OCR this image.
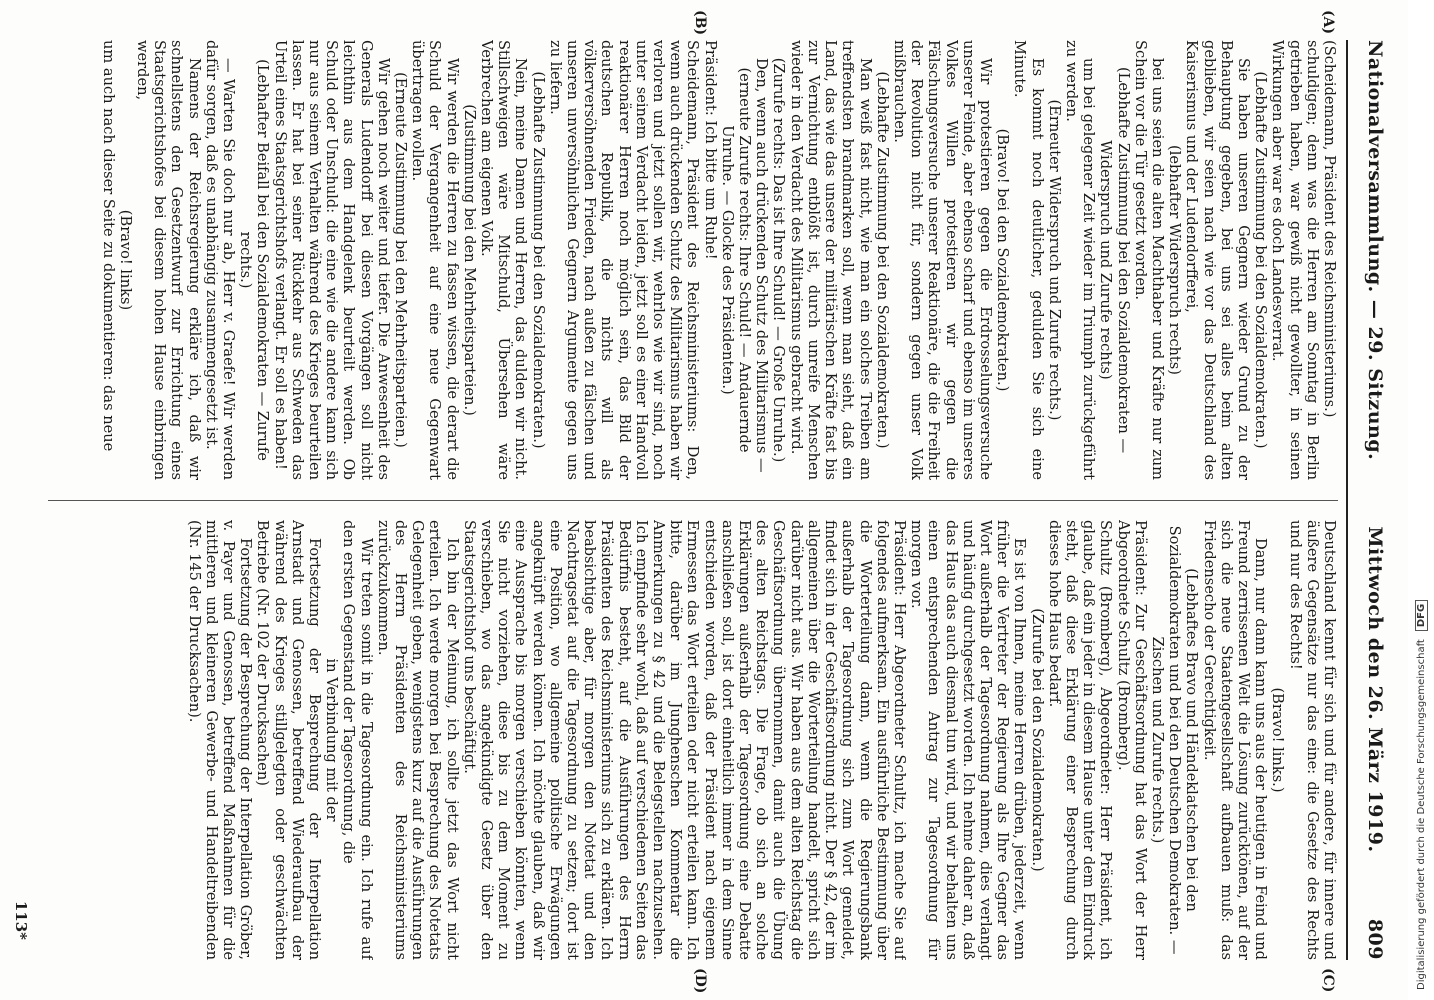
Nationalversammlung. — 29. Sitzung.
Mittwoch den 26. März 1919.
809
(A)
(B)
(C)
(D)

(Scheidemann, Präsident des Reichsministeriums.)

schuldigen; denn was die Herren am Sonntag in Berlin getrieben haben, war gewiß nicht gewollter, in seinen Wirkungen aber war es doch Landesverrat.

(Lebhafte Zustimmung bei den Sozialdemokraten.)

Sie haben unseren Gegnern wieder Grund zu der Behauptung gegeben, bei uns sei alles beim alten geblieben, wir seien nach wie vor das Deutschland des Kaiserismus und der Ludendorfferei,

(lebhafter Widerspruch rechts)

bei uns seien die alten Machthaber und Kräfte nur zum Schein vor die Tür gesetzt worden.

(Lebhafte Zustimmung bei den Sozialdemokraten — Widerspruch und Zurufe rechts)

um bei gelegener Zeit wieder im Triumph zurückgeführt zu werden.

(Erneuter Widerspruch und Zurufe rechts.)

Es kommt noch deutlicher, gedulden Sie sich eine Minute.

(Bravo! bei den Sozialdemokraten.)

Wir protestieren gegen die Erdrosselungsversuche unserer Feinde, aber ebenso scharf und ebenso im unseres Volkes Willen protestieren wir gegen die Fälschungsversuche unserer Reaktionäre, die die Freiheit der Revolution nicht für, sondern gegen unser Volk mißbrauchen.

(Lebhafte Zustimmung bei den Sozialdemokraten.)

Man weiß fast nicht, wie man ein solches Treiben am treffendsten brandmarken soll, wenn man sieht, daß ein Land, das wie das unsere der militärischen Kräfte fast bis zur Vernichtung entblößt ist, durch unreife Menschen wieder in den Verdacht des Militarismus gebracht wird.

(Zurufe rechts: Das ist Ihre Schuld! — Große Unruhe.)

Den, wenn auch drückenden Schutz des Militarismus —

(erneute Zurufe rechts: Ihre Schuld! — Andauernde Unruhe. — Glocke des Präsidenten.)

Präsident: Ich bitte um Ruhe!

Scheidemann, Präsident des Reichsministeriums: Den, wenn auch drückenden Schutz des Militarismus haben wir verloren und jetzt sollen wir, wehrlos wie wir sind, noch unter seinem Verdacht leiden, jetzt soll es einer Handvoll reaktionärer Herren noch möglich sein, das Bild der deutschen Republik, die nichts will als völkerversöhnenden Frieden, nach außen zu fälschen und unseren unversöhnlichen Gegnern Argumente gegen uns zu liefern.

(Lebhafte Zustimmung bei den Sozialdemokraten.)

Nein, meine Damen und Herren, das dulden wir nicht. Stillschweigen wäre Mitschuld, Übersehen wäre Verbrechen am eigenen Volk.

(Zustimmung bei den Mehrheitsparteien.)

Wir werden die Herren zu fassen wissen, die derart die Schuld der Vergangenheit auf eine neue Gegenwart übertragen wollen.

(Erneute Zustimmung bei den Mehrheitsparteien.)

Wir gehen noch weiter und tiefer. Die Anwesenheit des Generals Ludendorff bei diesen Vorgängen soll nicht leichthin aus dem Handgelenk beurteilt werden. Ob Schuld oder Unschuld: die eine wie die andere kann sich nur aus seinem Verhalten während des Krieges beurteilen lassen. Er hat bei seiner Rückkehr aus Schweden das Urteil eines Staatsgerichtshofs verlangt. Er soll es haben!

(Lebhafter Beifall bei den Sozialdemokraten — Zurufe rechts.)

— Warten Sie doch nur ab, Herr v. Graefe! Wir werden dafür sorgen, daß es unabhängig zusammengesetzt ist.

Namens der Reichsregierung erkläre ich, daß wir schnellstens den Gesetzentwurf zur Errichtung eines Staatsgerichtshofes bei diesem hohen Hause einbringen werden,

(Bravo! links)

um auch nach dieser Seite zu dokumentieren: das neue

Deutschland kennt für sich und für andere, für innere und äußere Gegensätze nur das eine: die Gesetze des Rechts und nur des Rechts!

(Bravo! links.)

Dann, nur dann kann uns aus der heutigen in Feind und Freund zerrissenen Welt die Lösung zurücktönen, auf der sich die neue Staatengesellschaft aufbauen muß: das Friedensecho der Gerechtigkeit.

(Lebhaftes Bravo und Händeklatschen bei den Sozialdemokraten und bei den Deutschen Demokraten. — Zischen und Zurufe rechts.)

Präsident: Zur Geschäftsordnung hat das Wort der Herr Abgeordnete Schultz (Bromberg).

Schultz (Bromberg), Abgeordneter: Herr Präsident, ich glaube, daß ein jeder in diesem Hause unter dem Eindruck steht, daß diese Erklärung einer Besprechung durch dieses hohe Haus bedarf.

(Zurufe bei den Sozialdemokraten.)

Es ist von Ihnen, meine Herren drüben, jederzeit, wenn früher die Vertreter der Regierung als Ihre Gegner das Wort außerhalb der Tagesordnung nahmen, dies verlangt und häufig durchgesetzt worden. Ich nehme daher an, daß das Haus das auch diesmal tun wird, und wir behalten uns einen entsprechenden Antrag zur Tagesordnung für morgen vor.

Präsident: Herr Abgeordneter Schultz, ich mache Sie auf folgendes aufmerksam. Ein ausführliche Bestimmung über die Worterteilung dann, wenn die Regierungsbank außerhalb der Tagesordnung sich zum Wort gemeldet, findet sich in der Geschäftsordnung nicht. Der § 42, der im allgemeinen über die Worterteilung handelt, spricht sich darüber nicht aus. Wir haben aus dem alten Reichstag die Geschäftsordnung übernommen, damit auch die Übung des alten Reichstags. Die Frage, ob sich an solche Erklärungen außerhalb der Tagesordnung eine Debatte anschließen soll, ist dort einheitlich immer in dem Sinne entschieden worden, daß der Präsident nach eigenem Ermessen das Wort erteilen oder nicht erteilen kann. Ich bitte, darüber im Junghenschen Kommentar die Anmerkungen zu § 42 und die Belegstellen nachzusehen. Ich empfinde sehr wohl, daß auf verschiedenen Seiten das Bedürfnis besteht, auf die Ausführungen des Herrn Präsidenten des Reichsministeriums sich zu erklären. Ich beabsichtige aber, für morgen den Notetat und den Nachtragsetat auf die Tagesordnung zu setzen; dort ist eine Position, wo allgemeine politische Erwägungen angeknüpft werden können. Ich möchte glauben, daß wir eine Aussprache bis morgen verschieben könnten, wenn Sie nicht vorziehen, diese bis zu dem Moment zu verschieben, wo das angekündigte Gesetz über den Staatsgerichtshof uns beschäftigt.

Ich bin der Meinung, ich sollte jetzt das Wort nicht erteilen. Ich werde morgen bei Besprechung des Notetats Gelegenheit geben, wenigstens kurz auf die Ausführungen des Herrn Präsidenten des Reichsministeriums zurückzukommen.

Wir treten somit in die Tagesordnung ein. Ich rufe auf den ersten Gegenstand der Tagesordnung, die

in Verbindung mit der

Fortsetzung der Besprechung der Interpellation Arnstadt und Genossen, betreffend Wiederaufbau der während des Krieges stillgelegten oder geschwächten Betriebe (Nr. 102 der Drucksachen)

Fortsetzung der Besprechung der Interpellation Gröber, v. Payer und Genossen, betreffend Maßnahmen für die mittleren und kleineren Gewerbe- und Handeltreibenden (Nr. 145 der Drucksachen).

113*	Digitalisierung gefördert durch die Deutsche Forschungsgemeinschaft
DFG
